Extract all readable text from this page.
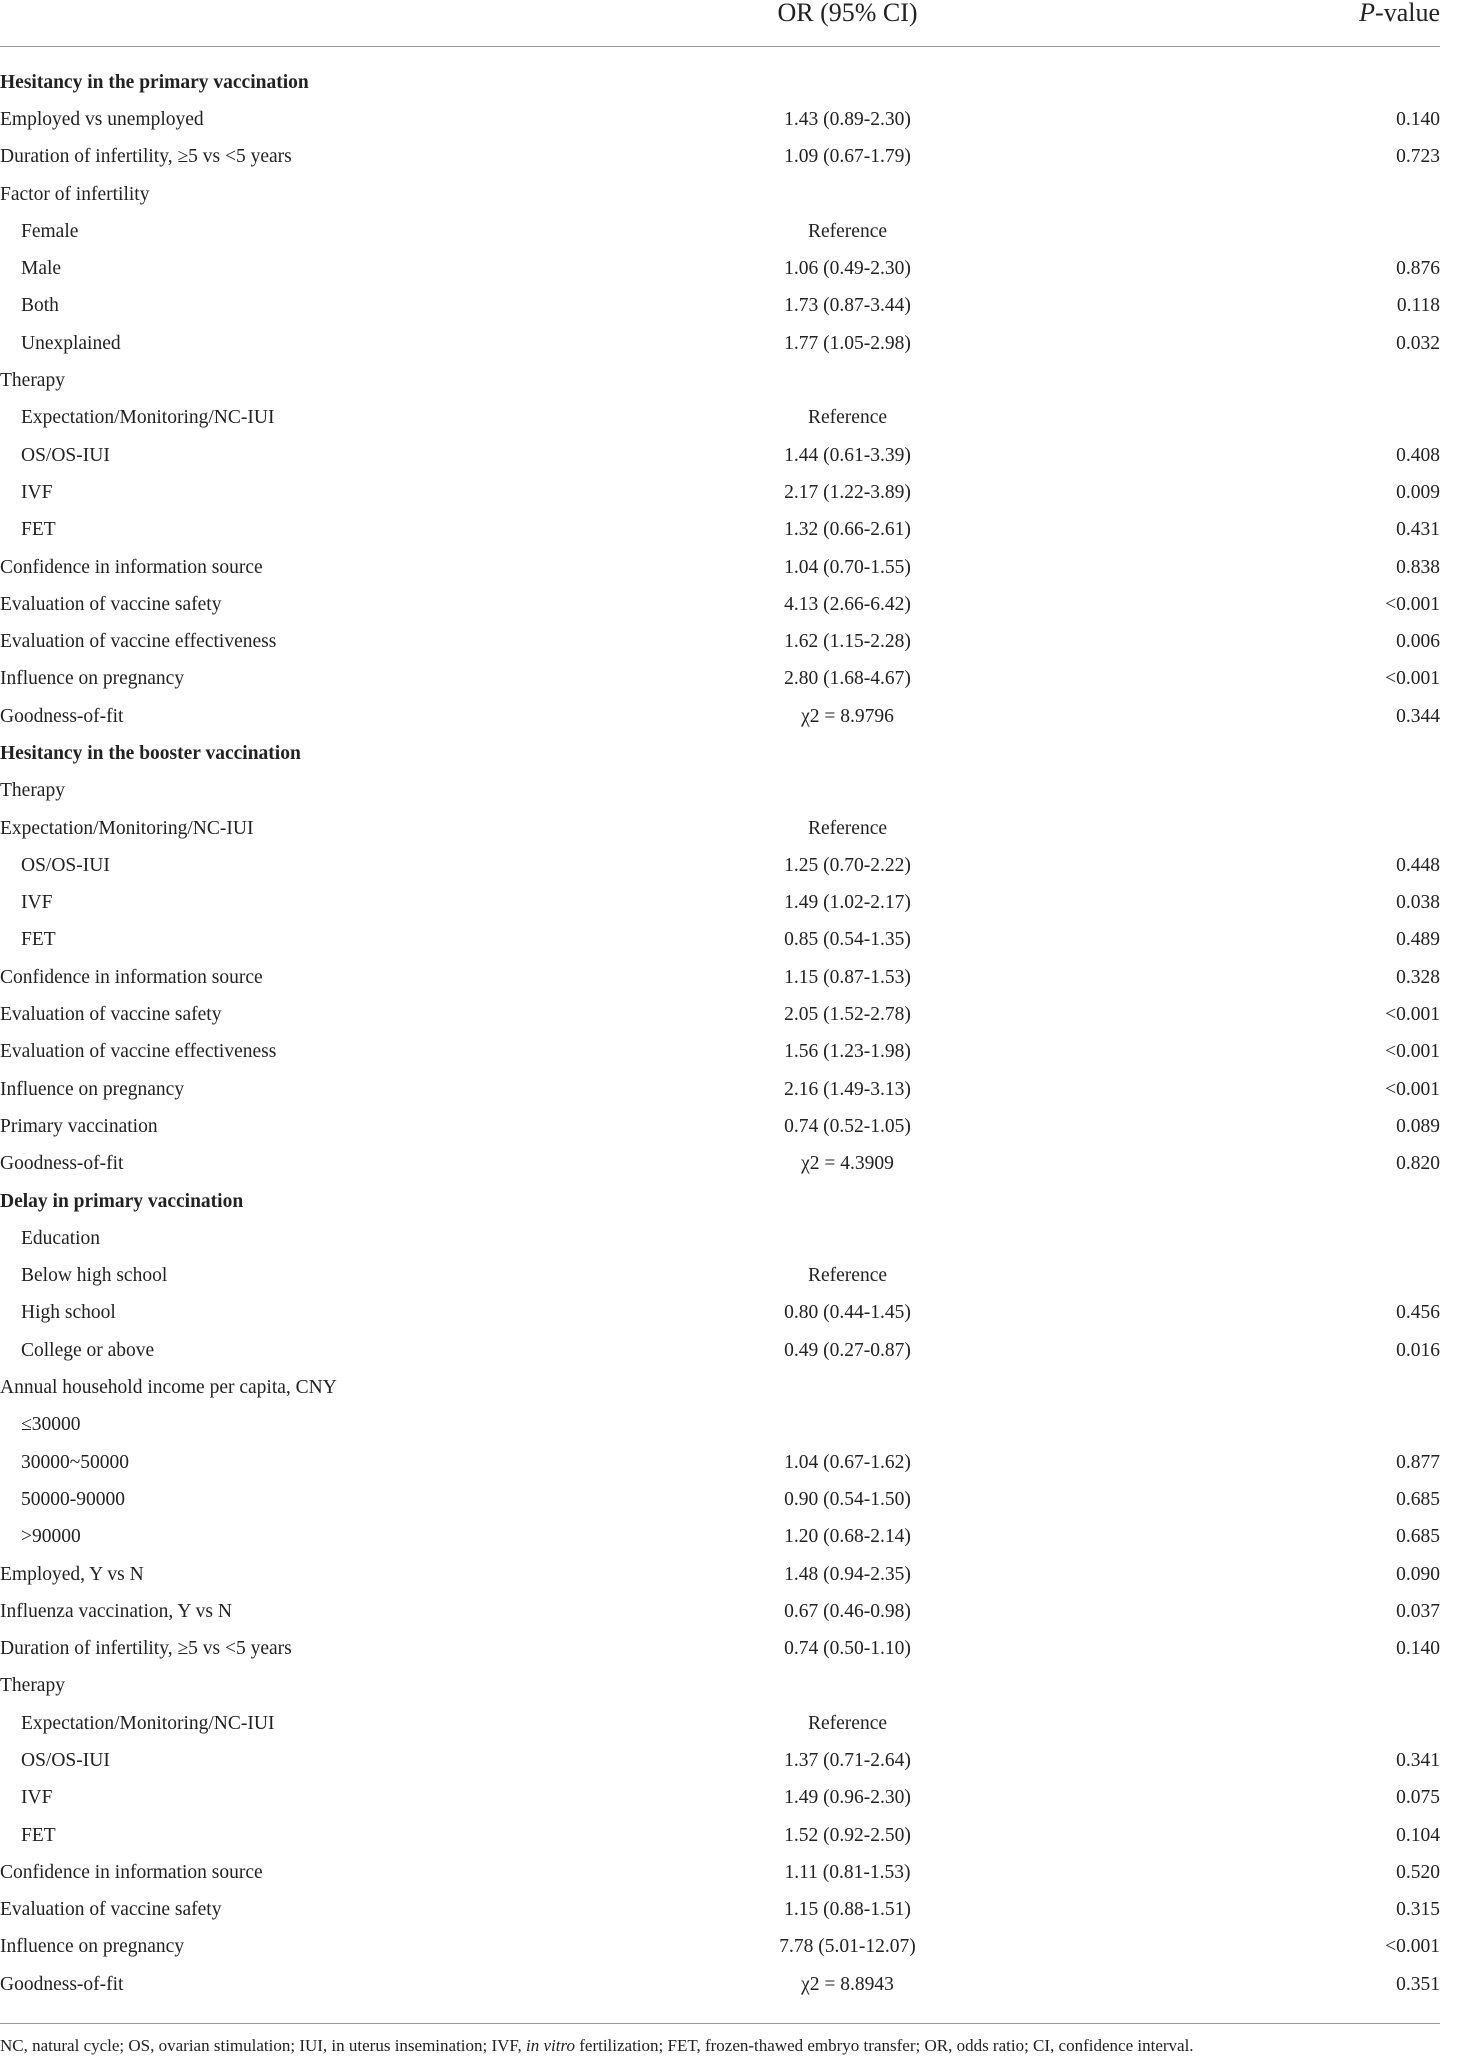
	OR (95% CI)	P-value

Hesitancy in the primary vaccination		
Employed vs unemployed	1.43 (0.89-2.30)	0.140
Duration of infertility, ≥5 vs <5 years	1.09 (0.67-1.79)	0.723
Factor of infertility		
Female	Reference	
Male	1.06 (0.49-2.30)	0.876
Both	1.73 (0.87-3.44)	0.118
Unexplained	1.77 (1.05-2.98)	0.032
Therapy		
Expectation/Monitoring/NC-IUI	Reference	
OS/OS-IUI	1.44 (0.61-3.39)	0.408
IVF	2.17 (1.22-3.89)	0.009
FET	1.32 (0.66-2.61)	0.431
Confidence in information source	1.04 (0.70-1.55)	0.838
Evaluation of vaccine safety	4.13 (2.66-6.42)	<0.001
Evaluation of vaccine effectiveness	1.62 (1.15-2.28)	0.006
Influence on pregnancy	2.80 (1.68-4.67)	<0.001
Goodness-of-fit	χ2 = 8.9796	0.344
Hesitancy in the booster vaccination		
Therapy		
Expectation/Monitoring/NC-IUI	Reference	
OS/OS-IUI	1.25 (0.70-2.22)	0.448
IVF	1.49 (1.02-2.17)	0.038
FET	0.85 (0.54-1.35)	0.489
Confidence in information source	1.15 (0.87-1.53)	0.328
Evaluation of vaccine safety	2.05 (1.52-2.78)	<0.001
Evaluation of vaccine effectiveness	1.56 (1.23-1.98)	<0.001
Influence on pregnancy	2.16 (1.49-3.13)	<0.001
Primary vaccination	0.74 (0.52-1.05)	0.089
Goodness-of-fit	χ2 = 4.3909	0.820
Delay in primary vaccination		
Education		
Below high school	Reference	
High school	0.80 (0.44-1.45)	0.456
College or above	0.49 (0.27-0.87)	0.016
Annual household income per capita, CNY		
≤30000		
30000~50000	1.04 (0.67-1.62)	0.877
50000-90000	0.90 (0.54-1.50)	0.685
>90000	1.20 (0.68-2.14)	0.685
Employed, Y vs N	1.48 (0.94-2.35)	0.090
Influenza vaccination, Y vs N	0.67 (0.46-0.98)	0.037
Duration of infertility, ≥5 vs <5 years	0.74 (0.50-1.10)	0.140
Therapy		
Expectation/Monitoring/NC-IUI	Reference	
OS/OS-IUI	1.37 (0.71-2.64)	0.341
IVF	1.49 (0.96-2.30)	0.075
FET	1.52 (0.92-2.50)	0.104
Confidence in information source	1.11 (0.81-1.53)	0.520
Evaluation of vaccine safety	1.15 (0.88-1.51)	0.315
Influence on pregnancy	7.78 (5.01-12.07)	<0.001
Goodness-of-fit	χ2 = 8.8943	0.351
NC, natural cycle; OS, ovarian stimulation; IUI, in uterus insemination; IVF, in vitro fertilization; FET, frozen-thawed embryo transfer; OR, odds ratio; CI, confidence interval.
